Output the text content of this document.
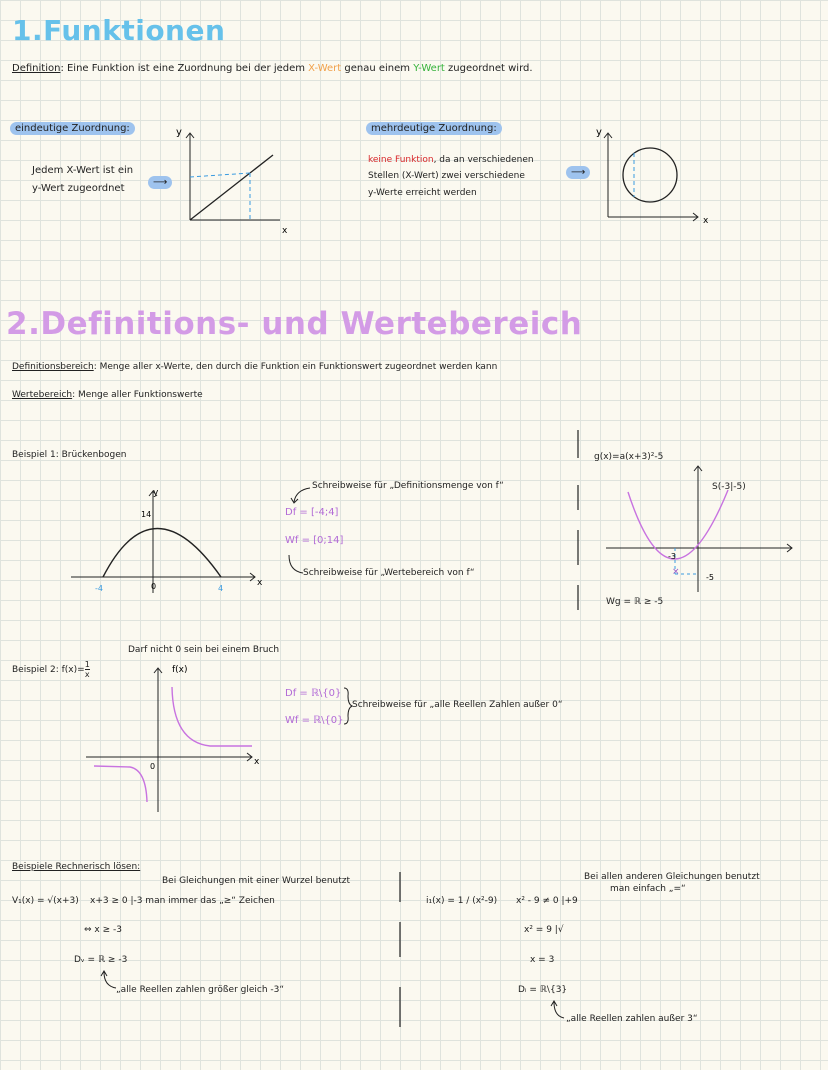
1.Funktionen
Definition: Eine Funktion ist eine Zuordnung bei der jedem X-Wert genau einem Y-Wert zugeordnet wird.
eindeutige Zuordnung:
Jedem X-Wert ist ein
y-Wert zugeordnet
⟶
y
x
mehrdeutige Zuordnung:
keine Funktion, da an verschiedenen
Stellen (X-Wert) zwei verschiedene
y-Werte erreicht werden
⟶
y
x
2.Definitions- und Wertebereich
Definitionsbereich: Menge aller x-Werte, den durch die Funktion ein Funktionswert zugeordnet werden kann
Wertebereich: Menge aller Funktionswerte
Beispiel 1: Brückenbogen
y
x
14
-4	0	4
Schreibweise für „Definitionsmenge von f“
Df = [-4;4]
Wf = [0;14]
Schreibweise für „Wertebereich von f“
g(x)=a(x+3)²-5
×
-3
-5
S(-3|-5)
Wg = ℝ ≥ -5
Beispiel 2: $f(x)= \frac{1}{x}$
Darf nicht 0 sein bei einem Bruch
f(x)
x
0
Df = ℝ\{0}
Wf = ℝ\{0}
Schreibweise für „alle Reellen Zahlen außer 0“
Beispiele Rechnerisch lösen:
Bei Gleichungen mit einer Wurzel benutzt
V₁(x) = √(x+3) x+3 ≥ 0 |-3 man immer das „≥“ Zeichen
⇔ x ≥ -3
Dᵥ = ℝ ≥ -3
„alle Reellen zahlen größer gleich -3“
i₁(x) = 1 / (x²-9) x² - 9 ≠ 0 |+9
x² = 9 |√
x = 3
Dᵢ = ℝ\{3}
„alle Reellen zahlen außer 3“
Bei allen anderen Gleichungen benutzt
man einfach „=“
